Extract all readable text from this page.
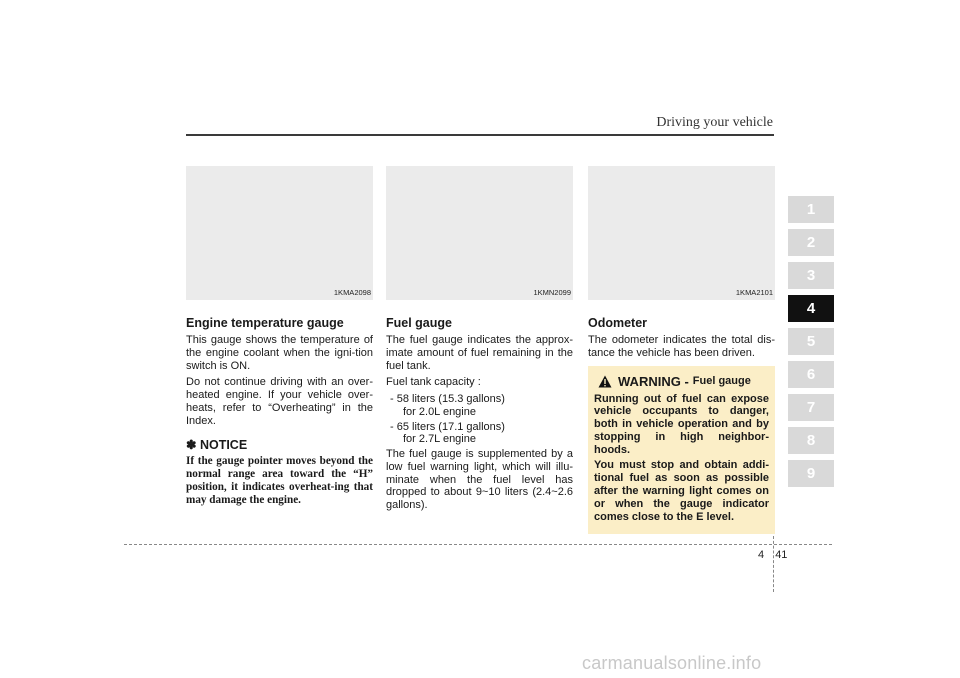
Driving your vehicle
1KMA2098
Engine temperature gauge

This gauge shows the temperature of the engine coolant when the igni-tion switch is ON.

Do not continue driving with an over-heated engine. If your vehicle over-heats, refer to “Overheating” in the Index.

✽ NOTICE

If the gauge pointer moves beyond the normal range area toward the “H” position, it indicates overheat-ing that may damage the engine.

1KMN2099
Fuel gauge

The fuel gauge indicates the approx-imate amount of fuel remaining in the fuel tank.

Fuel tank capacity :

- 58 liters (15.3 gallons)
for 2.0L engine
- 65 liters (17.1 gallons)
for 2.7L engine

The fuel gauge is supplemented by a low fuel warning light, which will illu-minate when the fuel level has dropped to about 9~10 liters (2.4~2.6 gallons).

1KMA2101
Odometer

The odometer indicates the total dis-tance the vehicle has been driven.

WARNING - Fuel gauge

Running out of fuel can expose vehicle occupants to danger, both in vehicle operation and by stopping in high neighbor-hoods.

You must stop and obtain addi-tional fuel as soon as possible after the warning light comes on or when the gauge indicator comes close to the E level.

1
2
3
4
5
6
7
8
9
4 41
carmanualsonline.info
